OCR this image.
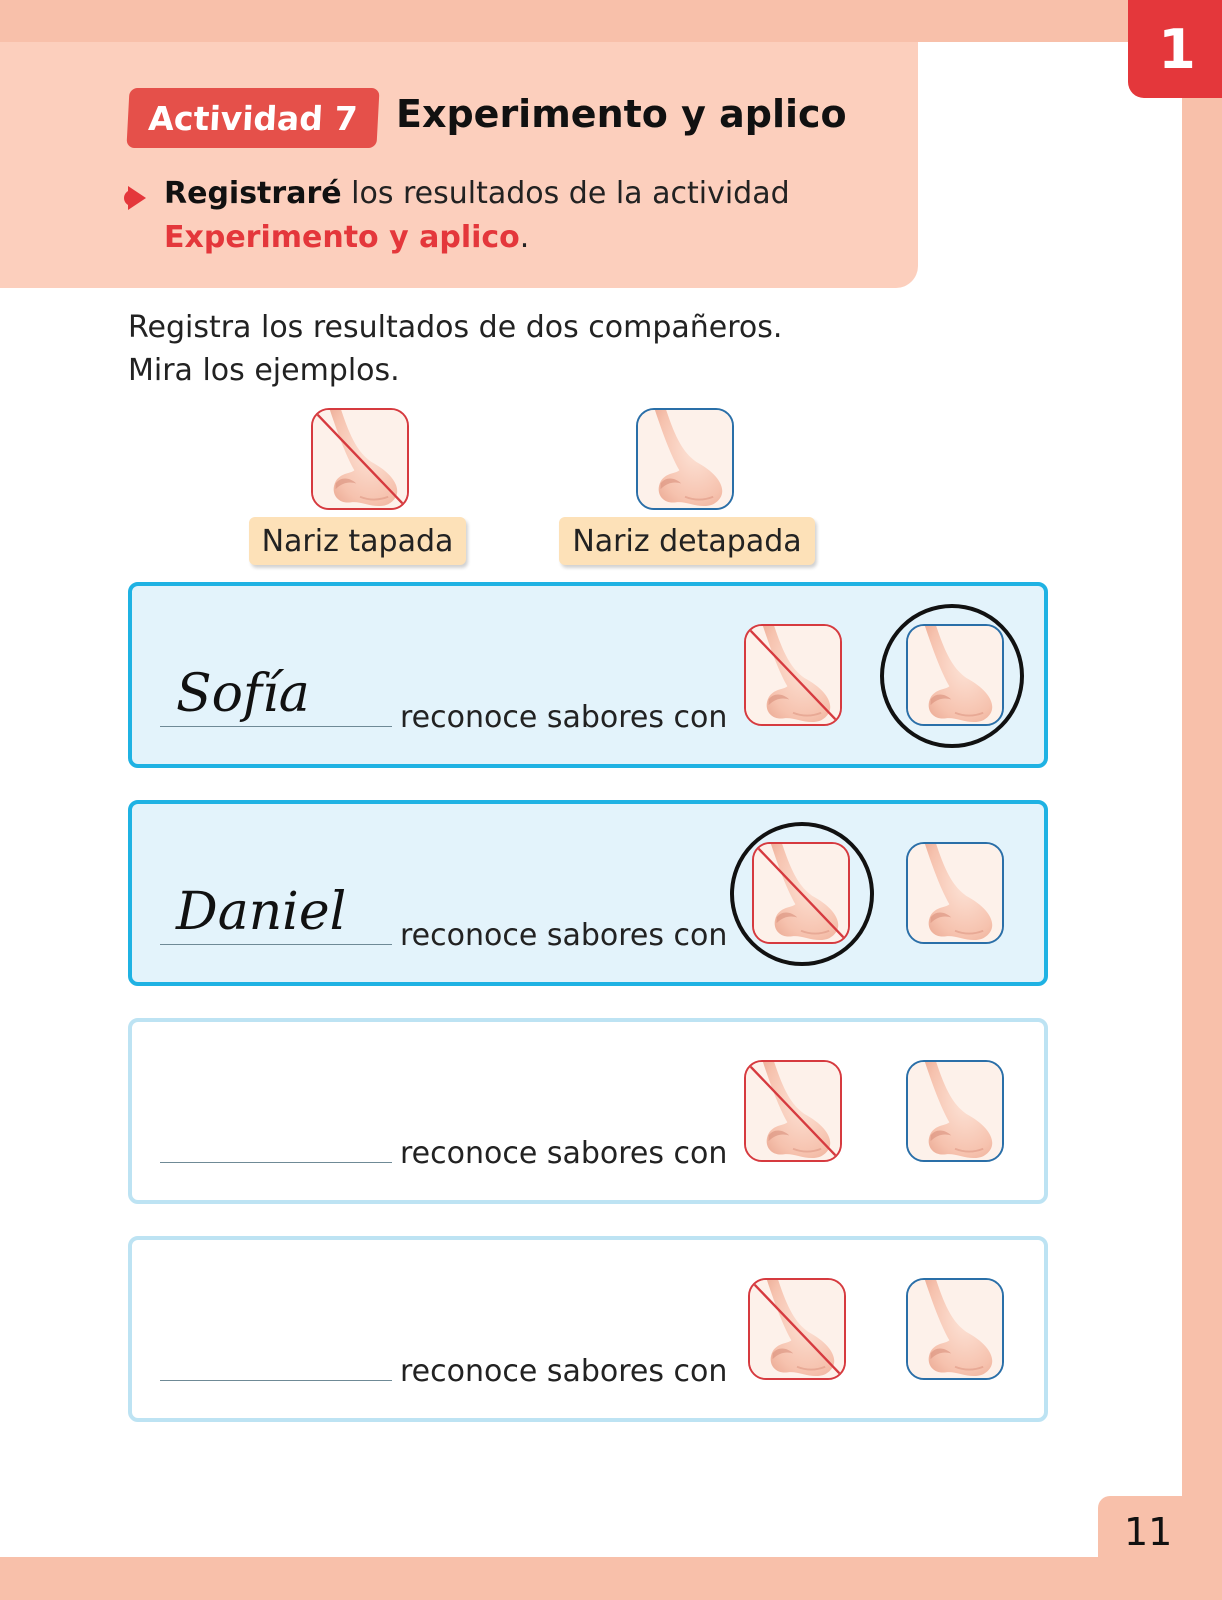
1
Actividad 7 Experimento y aplico
Registraré los resultados de la actividad
Experimento y aplico.
Registra los resultados de dos compañeros.
Mira los ejemplos.
Nariz tapada	Nariz detapada
Sofía	reconoce sabores con
Daniel reconoce sabores con
reconoce sabores con
reconoce sabores con
11
